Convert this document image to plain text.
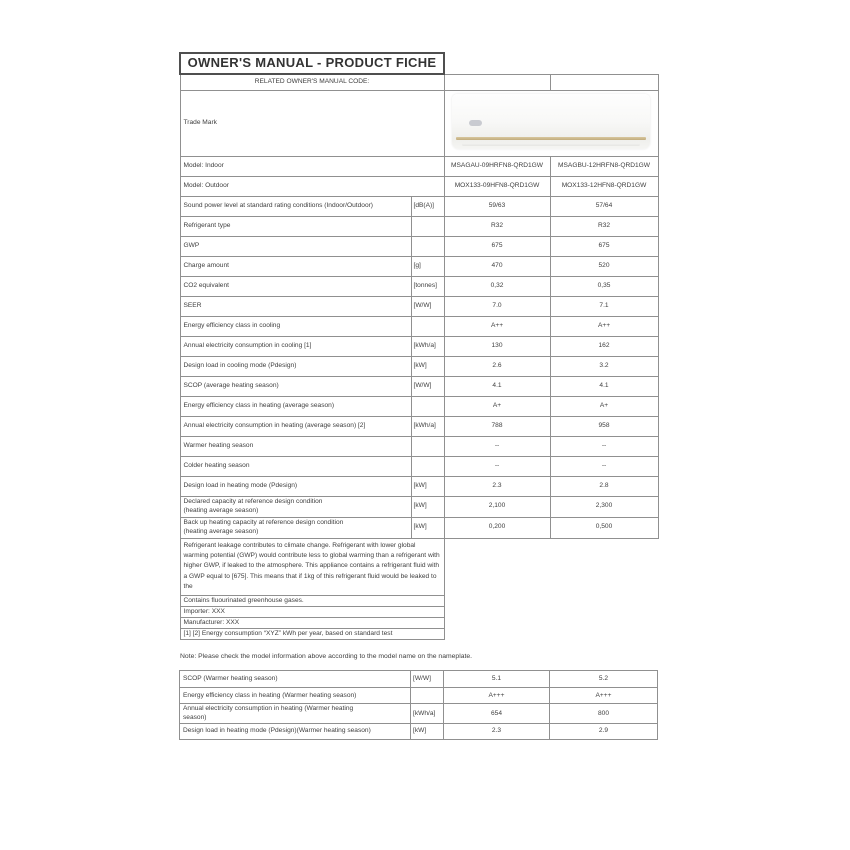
OWNER'S MANUAL - PRODUCT FICHE			
RELATED OWNER'S MANUAL CODE:			
Trade Mark			

Model: Indoor		MSAGAU-09HRFN8-QRD1GW	MSAGBU-12HRFN8-QRD1GW
Model: Outdoor		MOX133-09HFN8-QRD1GW	MOX133-12HFN8-QRD1GW
Sound power level at standard rating conditions (Indoor/Outdoor)	[dB(A)]	59/63	57/64
Refrigerant type		R32	R32
GWP		675	675
Charge amount	[g]	470	520
CO2 equivalent	[tonnes]	0,32	0,35
SEER	[W/W]	7.0	7.1
Energy efficiency class in cooling		A++	A++
Annual electricity consumption in cooling [1]	[kWh/a]	130	162
Design load in cooling mode (Pdesign)	[kW]	2.6	3.2
SCOP (average heating season)	[W/W]	4.1	4.1
Energy efficiency class in heating (average season)		A+	A+
Annual electricity consumption in heating (average season) [2]	[kWh/a]	788	958
Warmer heating season		--	--
Colder heating season		--	--
Design load in heating mode (Pdesign)	[kW]	2.3	2.8

Declared capacity at reference design condition
(heating average season)	[kW]	2,100	2,300

Back up heating capacity at reference design condition
(heating average season)	[kW]	0,200	0,500
Refrigerant leakage contributes to climate change. Refrigerant with lower global warming potential (GWP) would contribute less to global warming than a refrigerant with higher GWP, if leaked to the atmosphere. This appliance contains a refrigerant fluid with a GWP equal to [675]. This means that if 1kg of this refrigerant fluid would be leaked to the			
Contains fluourinated greenhouse gases.			
Importer: XXX			
Manufacturer: XXX			
[1] [2] Energy consumption “XYZ” kWh per year, based on standard test			
Note: Please check the model information above according to the model name on the nameplate.
SCOP (Warmer heating season)	[W/W]	5.1	5.2
Energy efficiency class in heating (Warmer heating season)		A+++	A+++

Annual electricity consumption in heating (Warmer heating
season)	[kWh/a]	654	800
Design load in heating mode (Pdesign)(Warmer heating season)	[kW]	2.3	2.9
